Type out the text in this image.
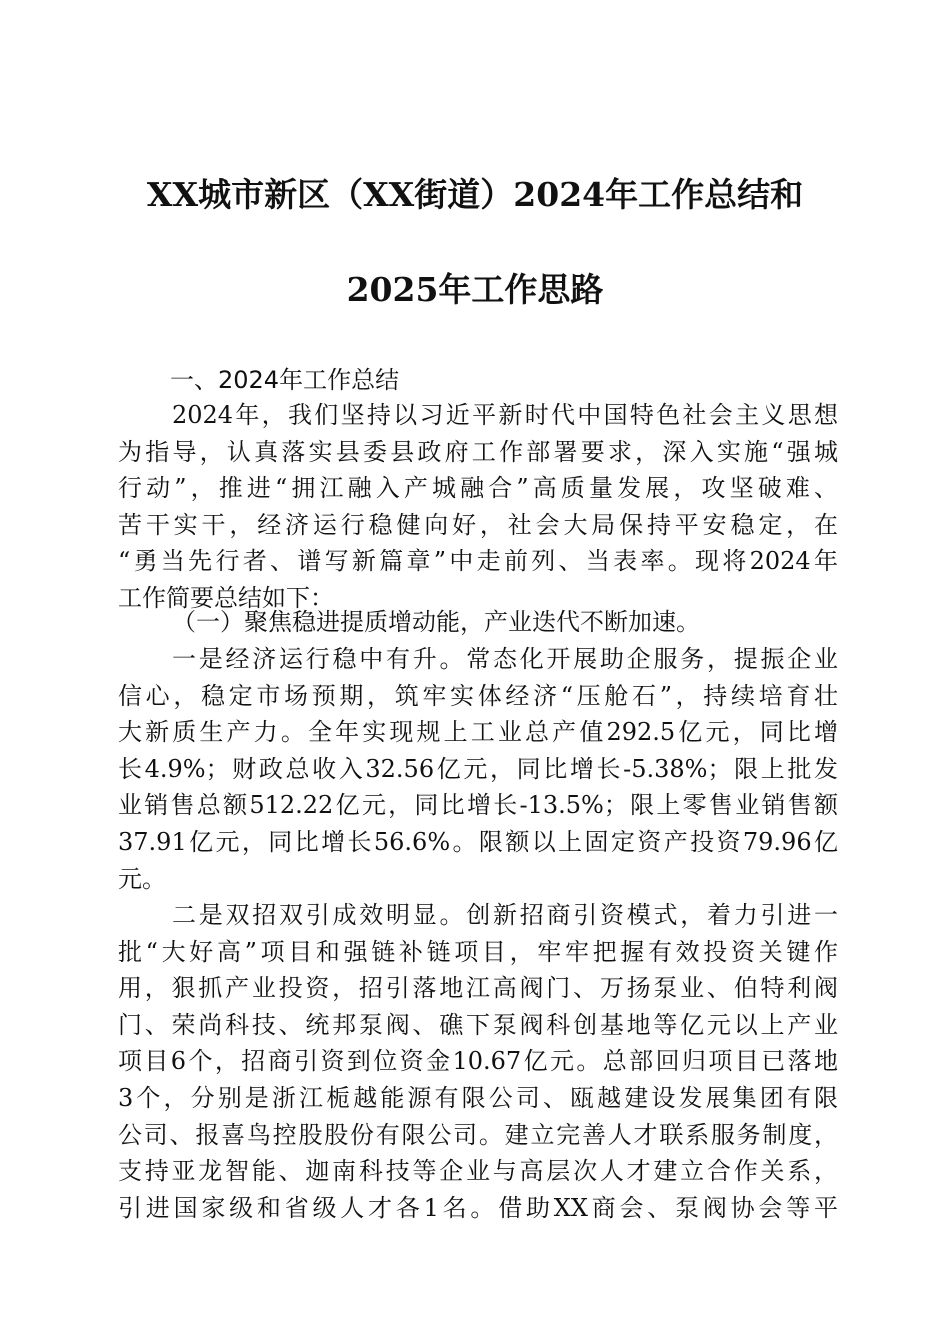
XX城市新区（XX街道）2024年工作总结和
2025年工作思路
一、2024年工作总结
2024年，我们坚持以习近平新时代中国特色社会主义思想
为指导，认真落实县委县政府工作部署要求，深入实施“强城
行动”，推进“拥江融入产城融合”高质量发展，攻坚破难、
苦干实干，经济运行稳健向好，社会大局保持平安稳定，在
“勇当先行者、谱写新篇章”中走前列、当表率。现将2024年
工作简要总结如下：
（一）聚焦稳进提质增动能，产业迭代不断加速。
一是经济运行稳中有升。常态化开展助企服务，提振企业
信心，稳定市场预期，筑牢实体经济“压舱石”，持续培育壮
大新质生产力。全年实现规上工业总产值292.5亿元，同比增
长4.9%；财政总收入32.56亿元，同比增长-5.38%；限上批发
业销售总额512.22亿元，同比增长-13.5%；限上零售业销售额
37.91亿元，同比增长56.6%。限额以上固定资产投资79.96亿
元。
二是双招双引成效明显。创新招商引资模式，着力引进一
批“大好高”项目和强链补链项目，牢牢把握有效投资关键作
用，狠抓产业投资，招引落地江高阀门、万扬泵业、伯特利阀
门、荣尚科技、统邦泵阀、礁下泵阀科创基地等亿元以上产业
项目6个，招商引资到位资金10.67亿元。总部回归项目已落地
3个，分别是浙江栀越能源有限公司、瓯越建设发展集团有限
公司、报喜鸟控股股份有限公司。建立完善人才联系服务制度，
支持亚龙智能、迦南科技等企业与高层次人才建立合作关系，
引进国家级和省级人才各1名。借助XX商会、泵阀协会等平
